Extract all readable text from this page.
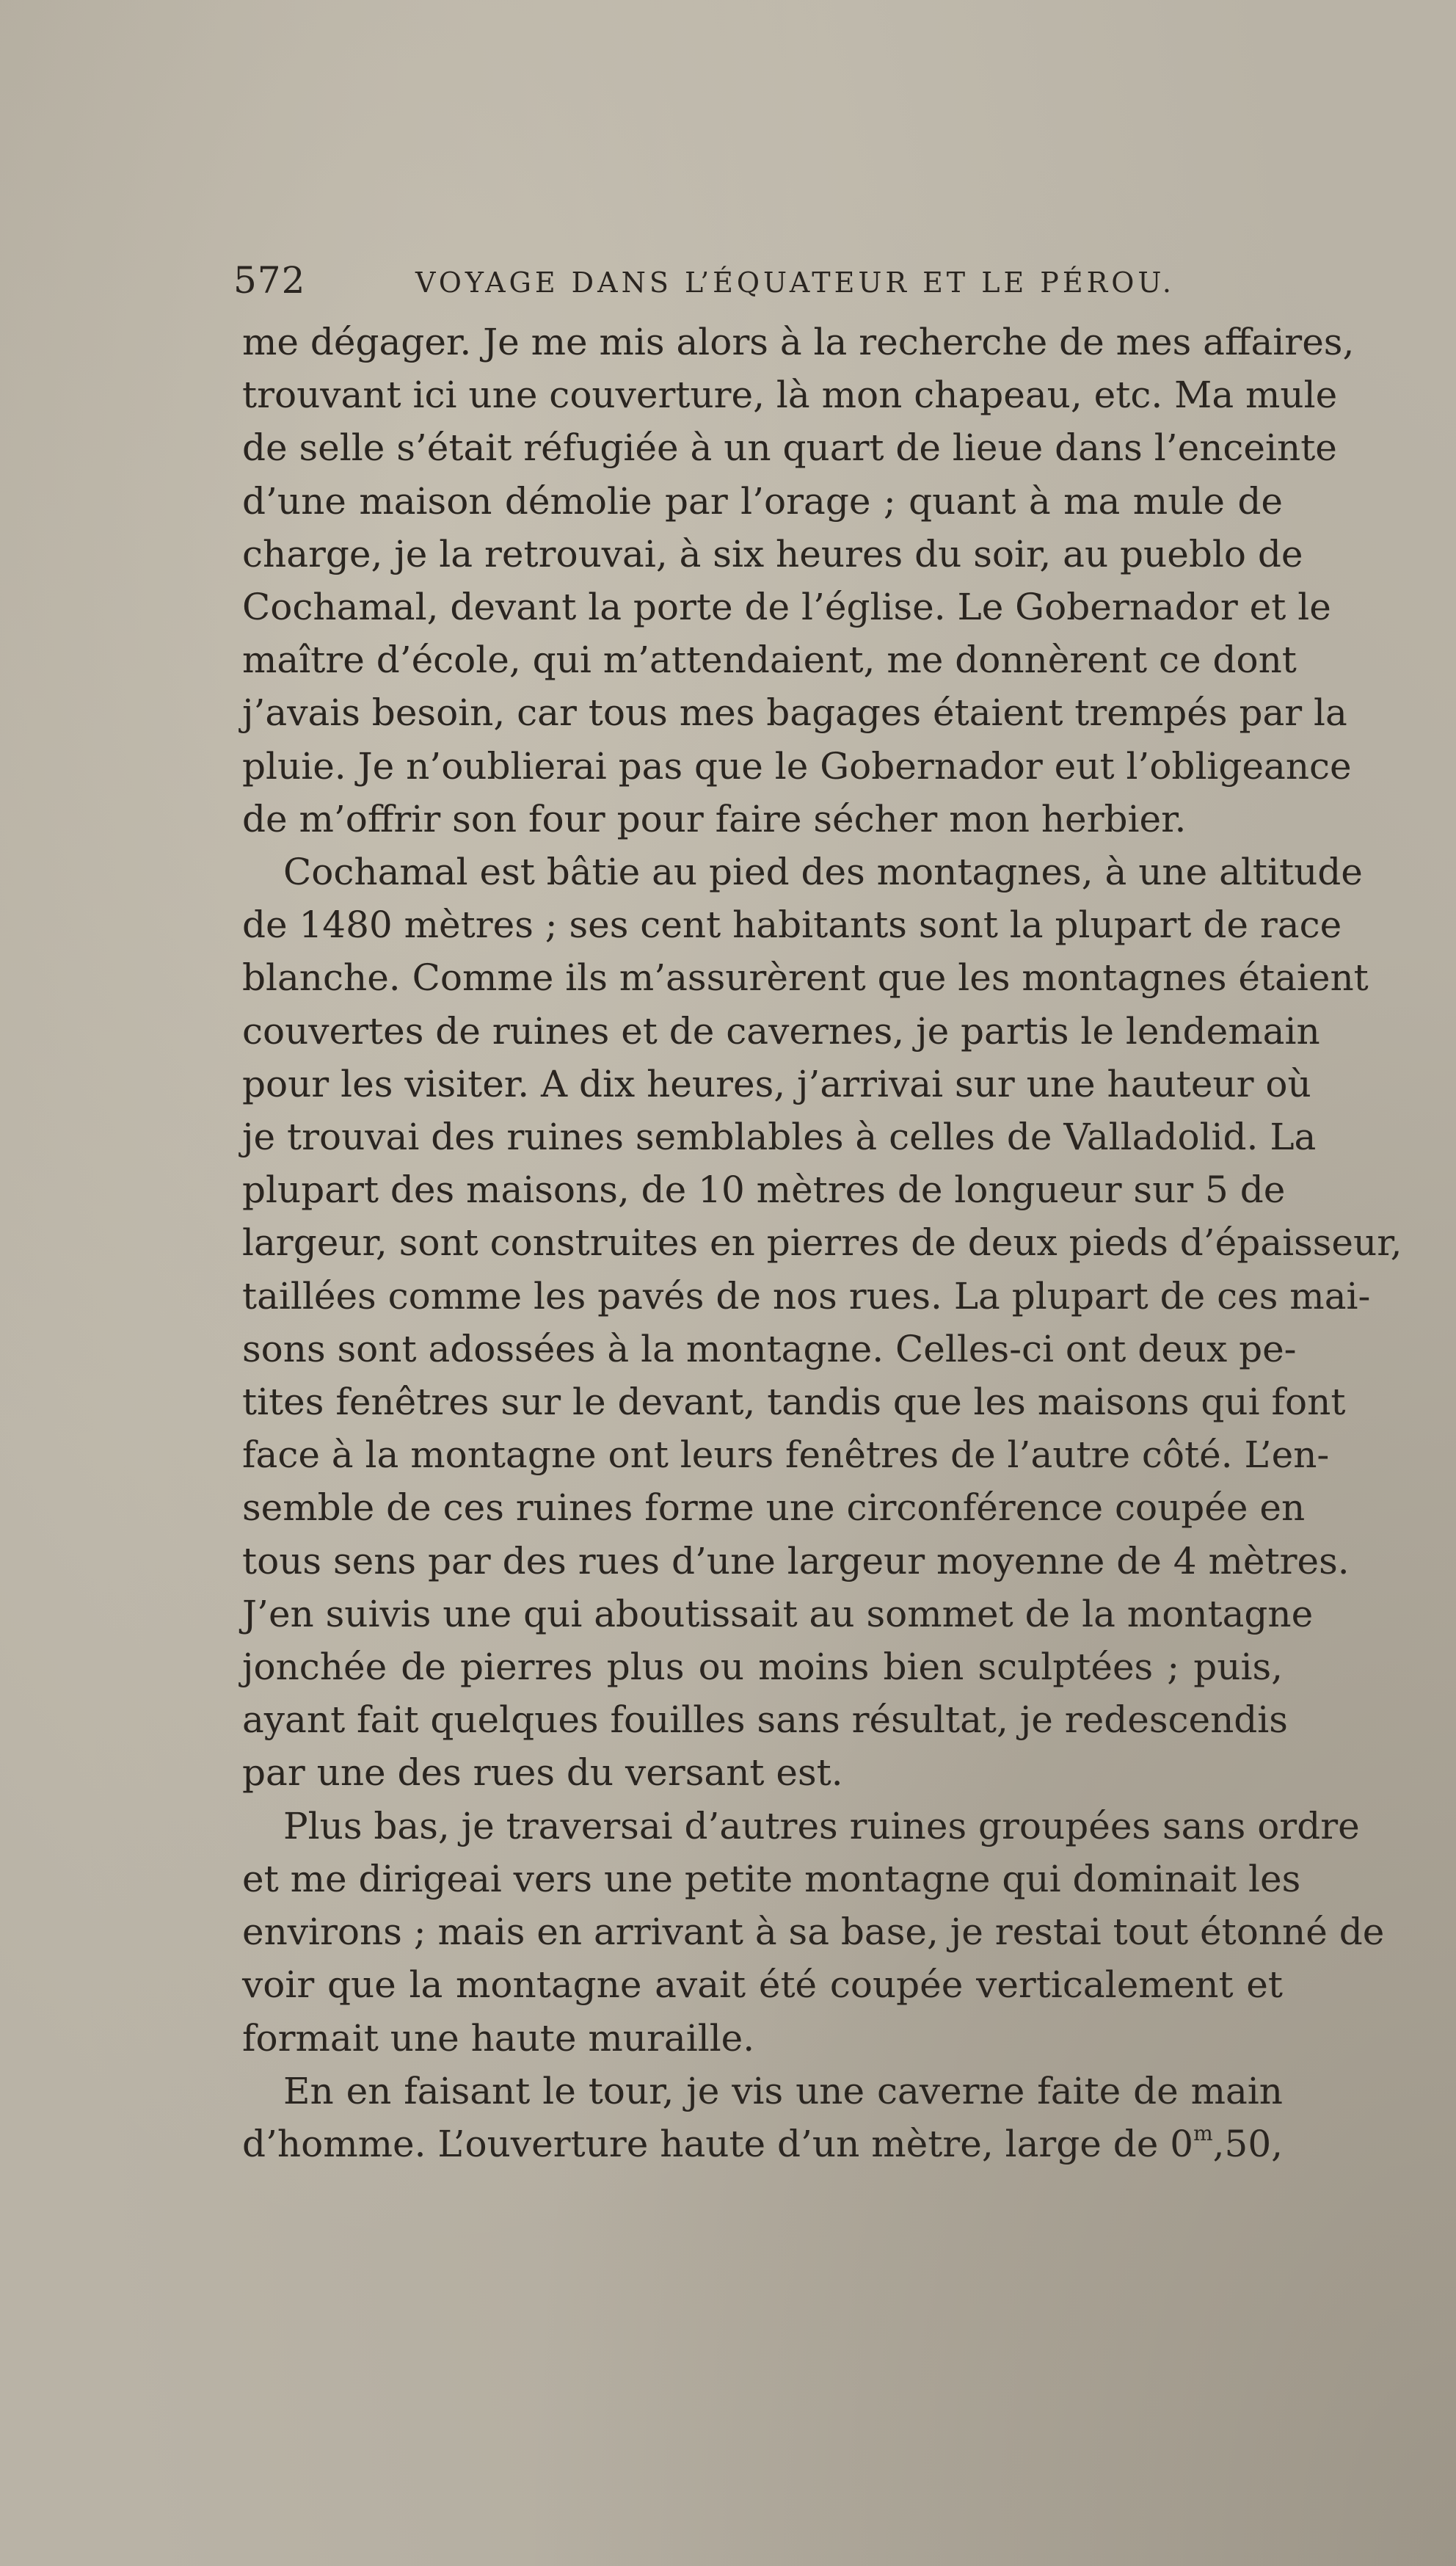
572	VOYAGE DANS L’ÉQUATEUR ET LE PÉROU.

me dégager. Je me mis alors à la recherche de mes affaires,
trouvant ici une couverture, là mon chapeau, etc. Ma mule
de selle s’était réfugiée à un quart de lieue dans l’enceinte
d’une maison démolie par l’orage ; quant à ma mule de
charge, je la retrouvai, à six heures du soir, au pueblo de
Cochamal, devant la porte de l’église. Le Gobernador et le
maître d’école, qui m’attendaient, me donnèrent ce dont
j’avais besoin, car tous mes bagages étaient trempés par la
pluie. Je n’oublierai pas que le Gobernador eut l’obligeance
de m’offrir son four pour faire sécher mon herbier.

Cochamal est bâtie au pied des montagnes, à une altitude
de 1480 mètres ; ses cent habitants sont la plupart de race
blanche. Comme ils m’assurèrent que les montagnes étaient
couvertes de ruines et de cavernes, je partis le lendemain
pour les visiter. A dix heures, j’arrivai sur une hauteur où
je trouvai des ruines semblables à celles de Valladolid. La
plupart des maisons, de 10 mètres de longueur sur 5 de
largeur, sont construites en pierres de deux pieds d’épaisseur,
taillées comme les pavés de nos rues. La plupart de ces mai-
sons sont adossées à la montagne. Celles-ci ont deux pe-
tites fenêtres sur le devant, tandis que les maisons qui font
face à la montagne ont leurs fenêtres de l’autre côté. L’en-
semble de ces ruines forme une circonférence coupée en
tous sens par des rues d’une largeur moyenne de 4 mètres.
J’en suivis une qui aboutissait au sommet de la montagne
jonchée de pierres plus ou moins bien sculptées ; puis,
ayant fait quelques fouilles sans résultat, je redescendis
par une des rues du versant est.

Plus bas, je traversai d’autres ruines groupées sans ordre
et me dirigeai vers une petite montagne qui dominait les
environs ; mais en arrivant à sa base, je restai tout étonné de
voir que la montagne avait été coupée verticalement et
formait une haute muraille.

En en faisant le tour, je vis une caverne faite de main
d’homme. L’ouverture haute d’un mètre, large de 0$^m$,50,
